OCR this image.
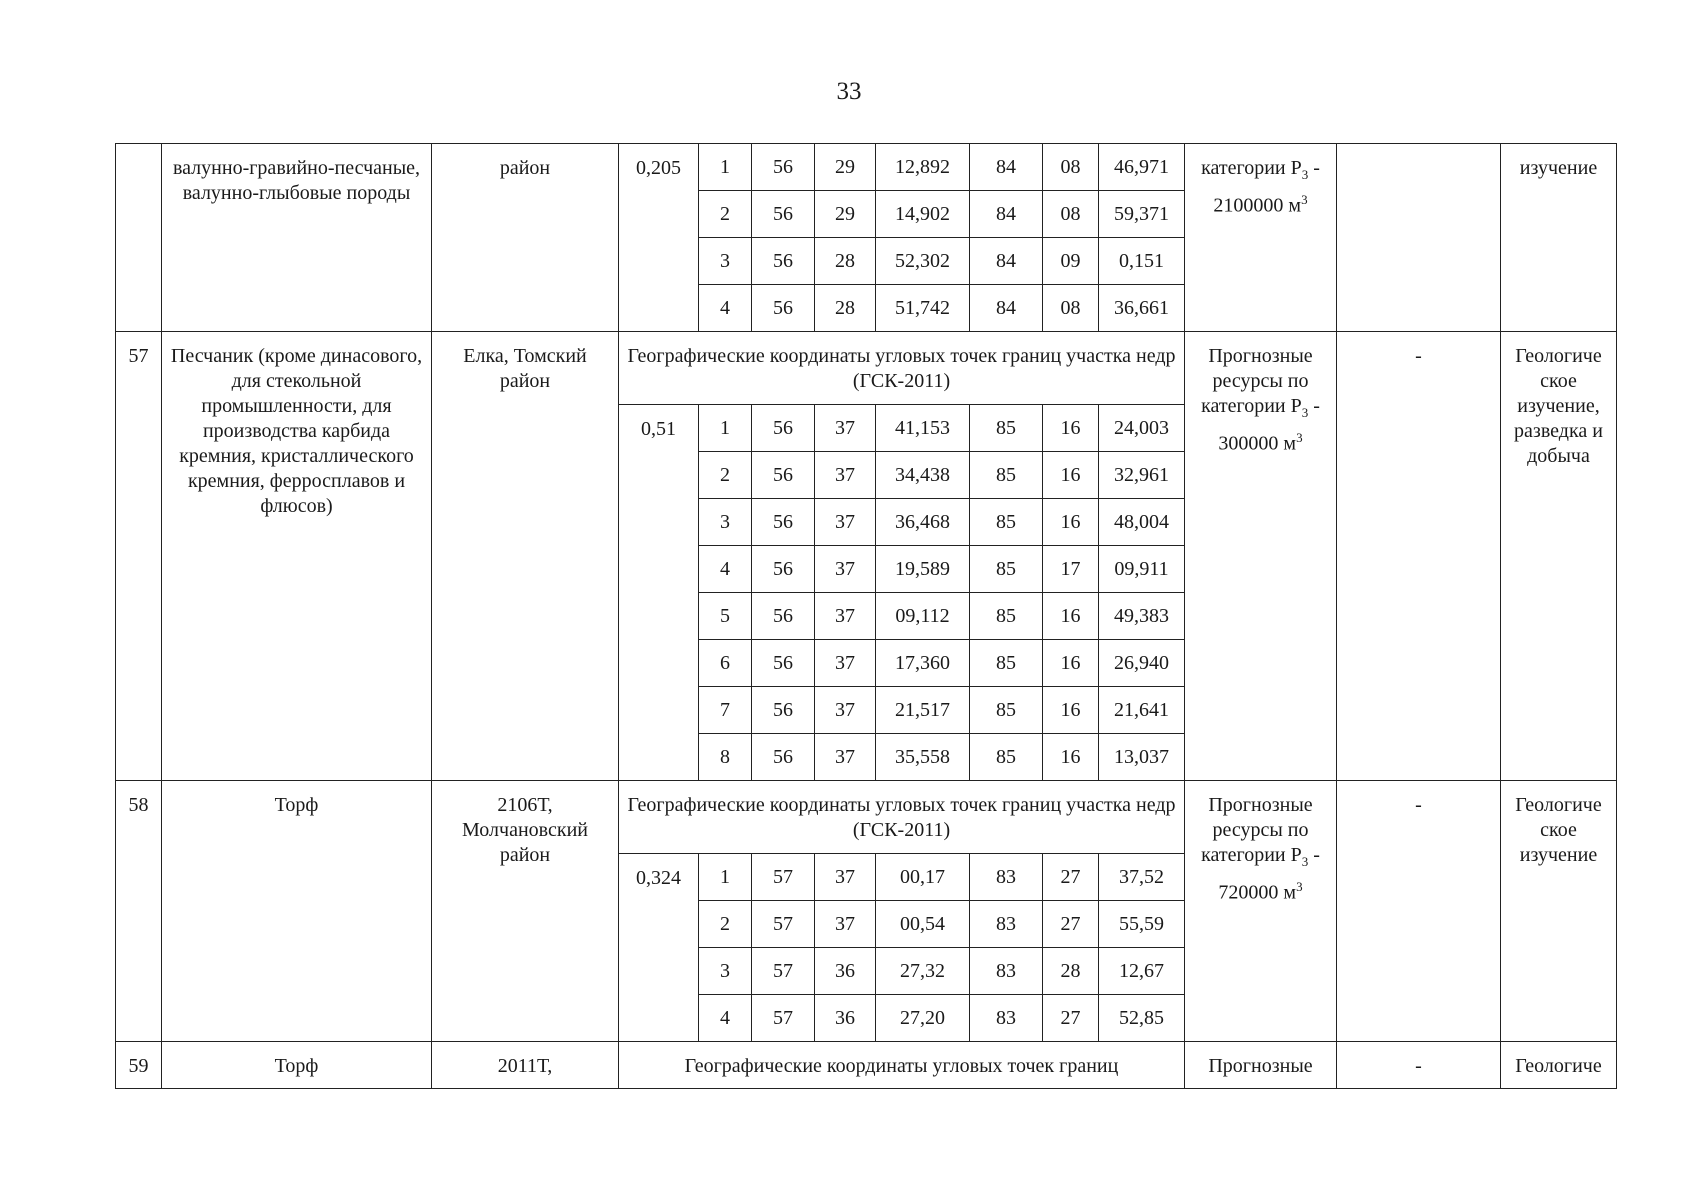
33
	валунно-гравийно-песчаные, валунно-глыбовые породы	район	0,205	1	56	29	12,892	84	08	46,971	категории $Р_3 - 2100000$ $м^3$		изучение
				2	56	29	14,902	84	08	59,371			
				3	56	28	52,302	84	09	0,151			
				4	56	28	51,742	84	08	36,661			
57	Песчаник (кроме динасового, для стекольной промышленности, для производства карбида кремния, кристаллического кремния, ферросплавов и флюсов)	Елка, Томский район	Географические координаты угловых точек границ участка недр (ГСК-2011)								Прогнозные ресурсы по категории $Р_3 - 300000$ $м^3$	-	Геологиче ское изучение, разведка и добыча
			0,51	1	56	37	41,153	85	16	24,003			
				2	56	37	34,438	85	16	32,961			
				3	56	37	36,468	85	16	48,004			
				4	56	37	19,589	85	17	09,911			
				5	56	37	09,112	85	16	49,383			
				6	56	37	17,360	85	16	26,940			
				7	56	37	21,517	85	16	21,641			
				8	56	37	35,558	85	16	13,037			
58	Торф	2106Т, Молчановский район	Географические координаты угловых точек границ участка недр (ГСК-2011)								Прогнозные ресурсы по категории $Р_3 - 720000$ $м^3$	-	Геологиче ское изучение
			0,324	1	57	37	00,17	83	27	37,52			
				2	57	37	00,54	83	27	55,59			
				3	57	36	27,32	83	28	12,67			
				4	57	36	27,20	83	27	52,85			
59	Торф	2011Т,	Географические координаты угловых точек границ								Прогнозные	-	Геологиче
